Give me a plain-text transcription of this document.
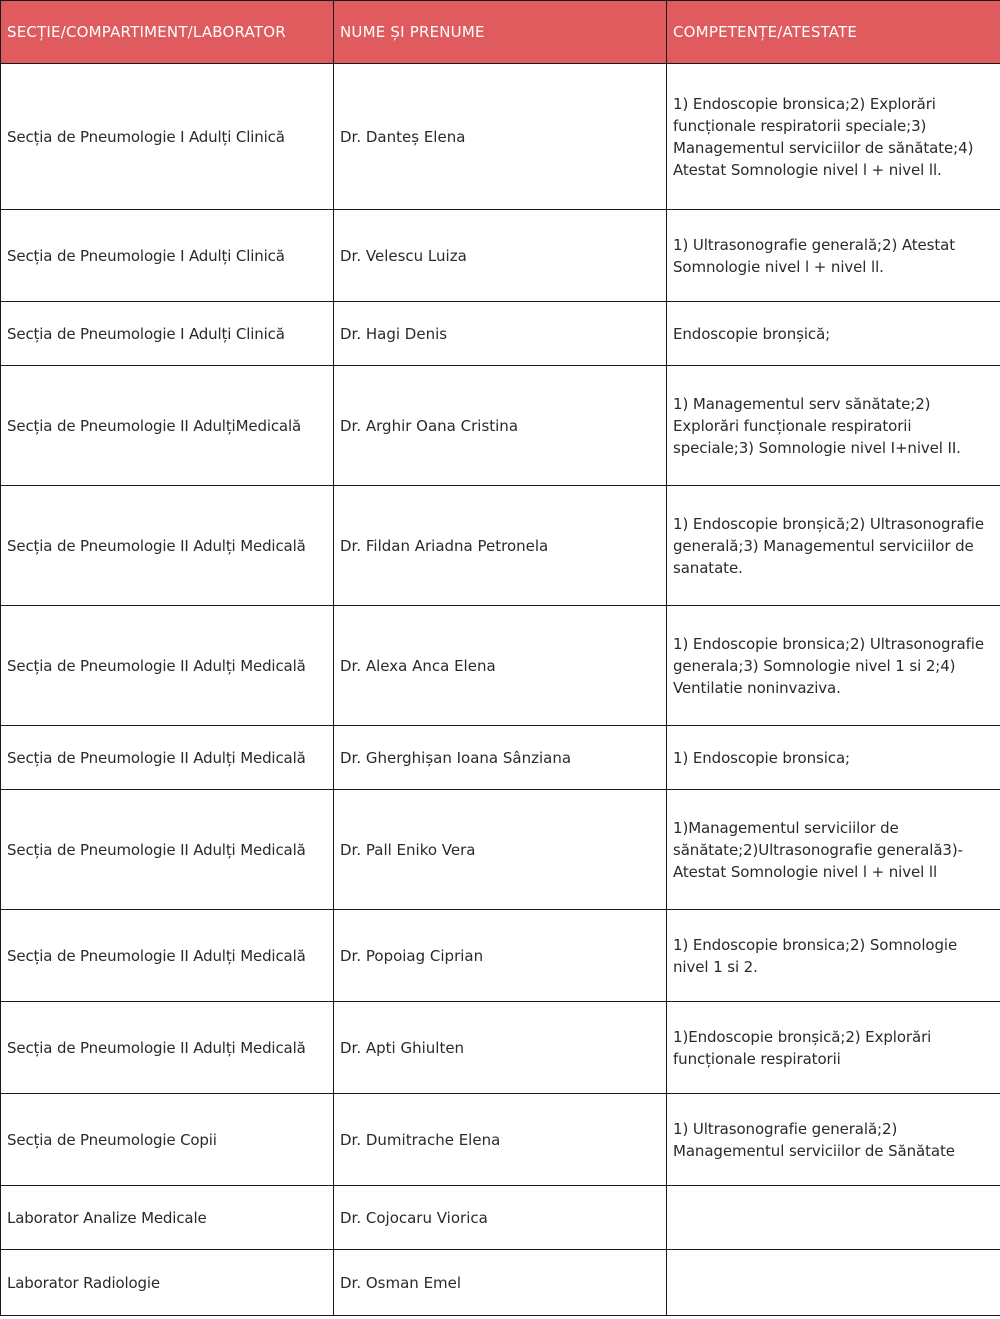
SECȚIE/COMPARTIMENT/LABORATOR	NUME ȘI PRENUME	COMPETENȚE/ATESTATE
Secția de Pneumologie I Adulți Clinică	Dr. Danteș Elena	1) Endoscopie bronsica;2) Explorări funcționale respiratorii speciale;3) Managementul serviciilor de sănătate;4) Atestat Somnologie nivel l + nivel ll.
Secția de Pneumologie I Adulți Clinică	Dr. Velescu Luiza	1) Ultrasonografie generală;2) Atestat Somnologie nivel l + nivel ll.
Secția de Pneumologie I Adulți Clinică	Dr. Hagi Denis	Endoscopie bronșică;
Secția de Pneumologie II AdulțiMedicală	Dr. Arghir Oana Cristina	1) Managementul serv sănătate;2) Explorări funcționale respiratorii speciale;3) Somnologie nivel I+nivel II.
Secția de Pneumologie II Adulți Medicală	Dr. Fildan Ariadna Petronela	1) Endoscopie bronșică;2) Ultrasonografie generală;3) Managementul serviciilor de sanatate.
Secția de Pneumologie II Adulți Medicală	Dr. Alexa Anca Elena	1) Endoscopie bronsica;2) Ultrasonografie generala;3) Somnologie nivel 1 si 2;4) Ventilatie noninvaziva.
Secția de Pneumologie II Adulți Medicală	Dr. Gherghișan Ioana Sânziana	1) Endoscopie bronsica;
Secția de Pneumologie II Adulți Medicală	Dr. Pall Eniko Vera	1)Managementul serviciilor de sănătate;2)Ultrasonografie generală3)-Atestat Somnologie nivel l + nivel ll
Secția de Pneumologie II Adulți Medicală	Dr. Popoiag Ciprian	1) Endoscopie bronsica;2) Somnologie nivel 1 si 2.
Secția de Pneumologie II Adulți Medicală	Dr. Apti Ghiulten	1)Endoscopie bronșică;2) Explorări funcționale respiratorii
Secția de Pneumologie Copii	Dr. Dumitrache Elena	1) Ultrasonografie generală;2) Managementul serviciilor de Sănătate
Laborator Analize Medicale	Dr. Cojocaru Viorica	
Laborator Radiologie	Dr. Osman Emel	
